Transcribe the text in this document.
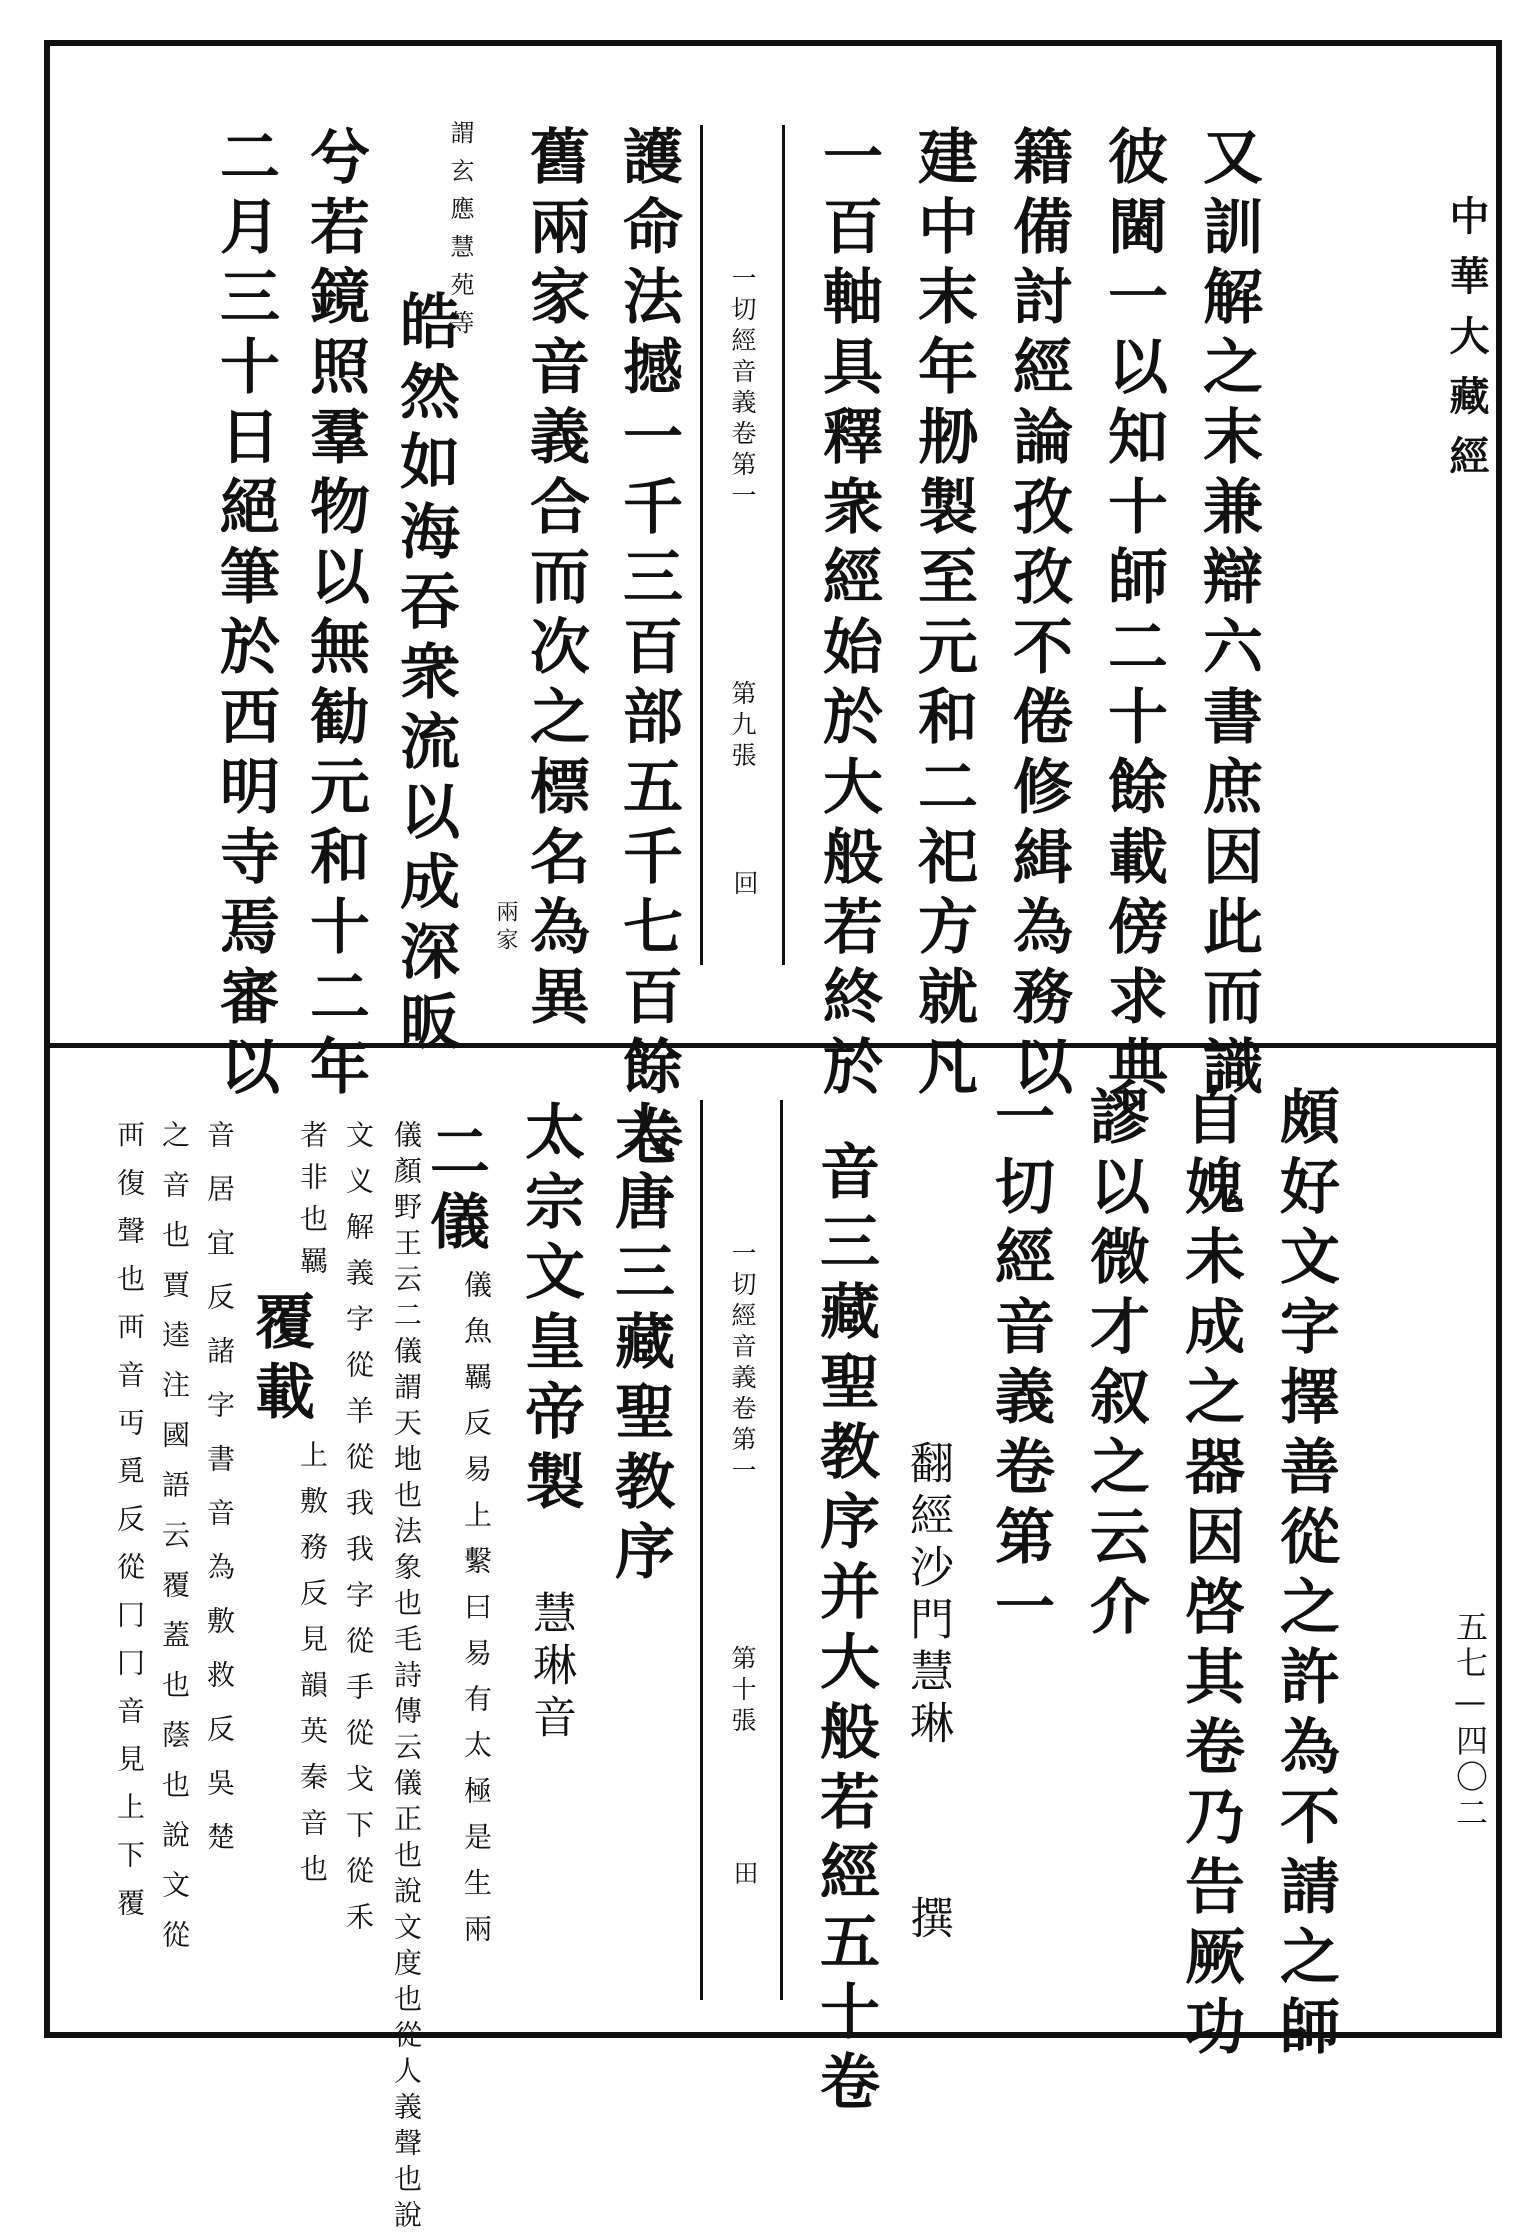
中華大藏經
五七—四〇二
又訓解之末兼辯六書庶因此而識
彼閫一以知十師二十餘載傍求典
籍備討經論孜孜不倦修緝為務以
建中末年刱製至元和二祀方就凡
一百軸具釋衆經始於大般若終於
一切經音義卷第一
第九張
回
護命法撼一千三百部五千七百餘卷
舊兩家音義合而次之標名為異
兩家
謂玄應慧苑等
皓然如海吞衆流以成深昄
兮若鏡照羣物以無勧元和十二年
二月三十日絕筆於西明寺焉審以
頗好文字擇善從之許為不請之師
自媿未成之器因啓其卷乃告厥功
謬以微才叙之云介
一切經音義卷第一
翻經沙門慧琳
撰
音三藏聖教序并大般若經五十卷
一切經音義卷第一
第十張
田
大唐三藏聖教序
太宗文皇帝製
慧琳音
二儀
儀魚羈反易上繫曰易有太極是生兩
儀顏野王云二儀謂天地也法象也毛詩傳云儀正也說文度也從人義聲也說
文义解義字從羊從我我字從手從戈下從禾
者非也羈
覆載
上敷務反見韻英秦音也
音居宜反諸字書音為敷救反吳楚
之音也賈逵注國語云覆蓋也蔭也說文從
襾復聲也襾音丏覓反從冂冂音見上下覆
